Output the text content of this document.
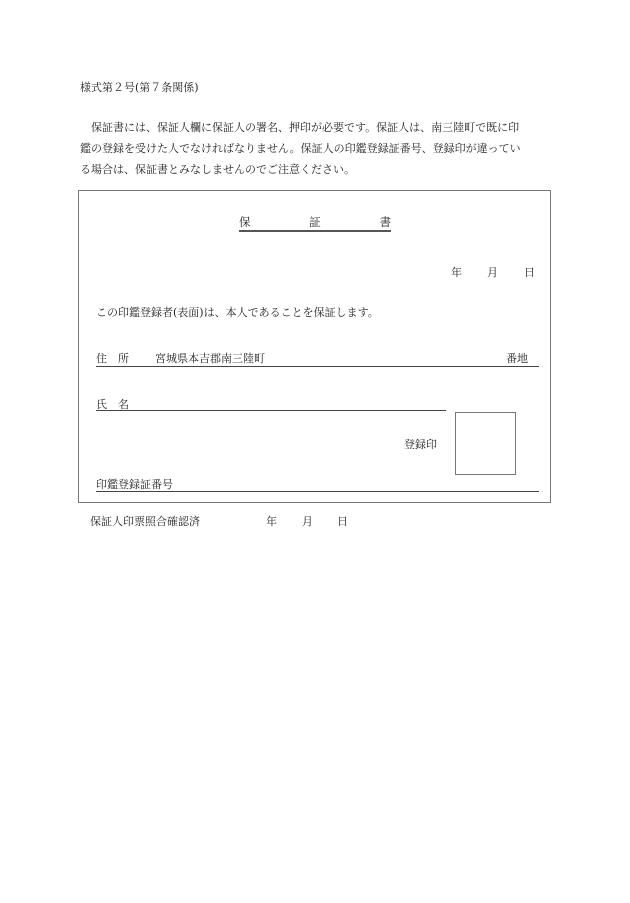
様式第２号(第７条関係)

　保証書には、保証人欄に保証人の署名、押印が必要です。保証人は、南三陸町で既に印

鑑の登録を受けた人でなければなりません。保証人の印鑑登録証番号、登録印が違ってい

る場合は、保証書とみなしませんのでご注意ください。

保	証	書
年 月 日
この印鑑登録者(表面)は、本人であることを保証します。
住　所 宮城県本吉郡南三陸町	番地
氏　名
登録印
印鑑登録証番号
保証人印票照合確認済	年 月 日
